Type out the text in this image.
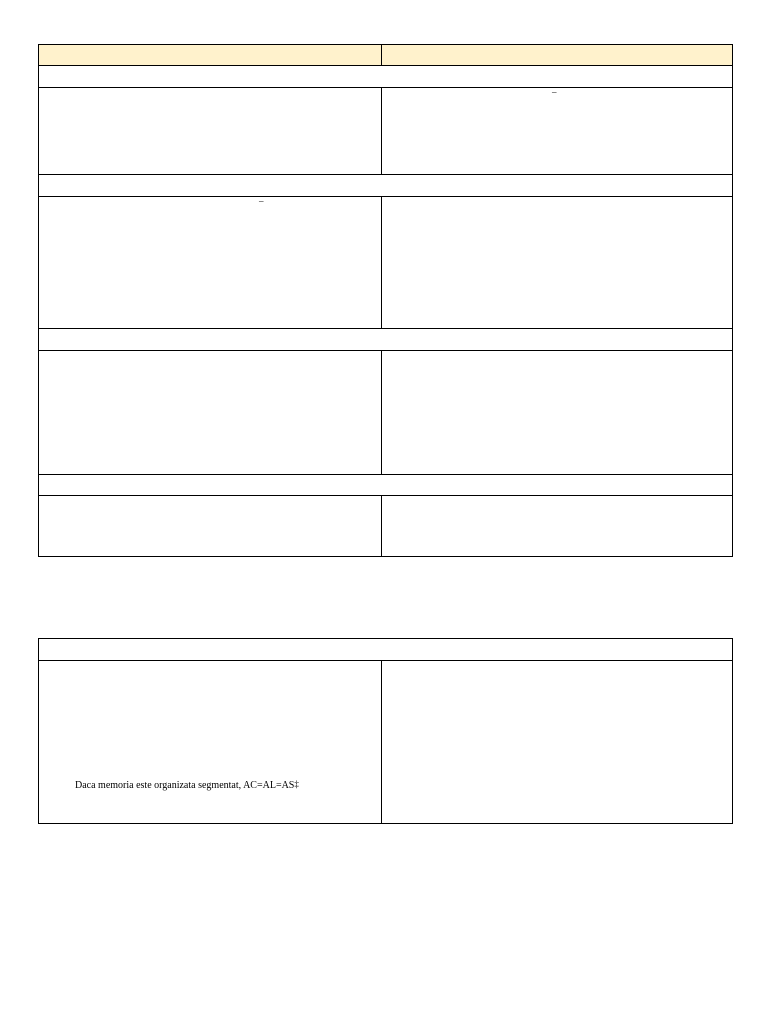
	–

–	

Daca memoria este organizata segmentat, AC=AL=AS‡
